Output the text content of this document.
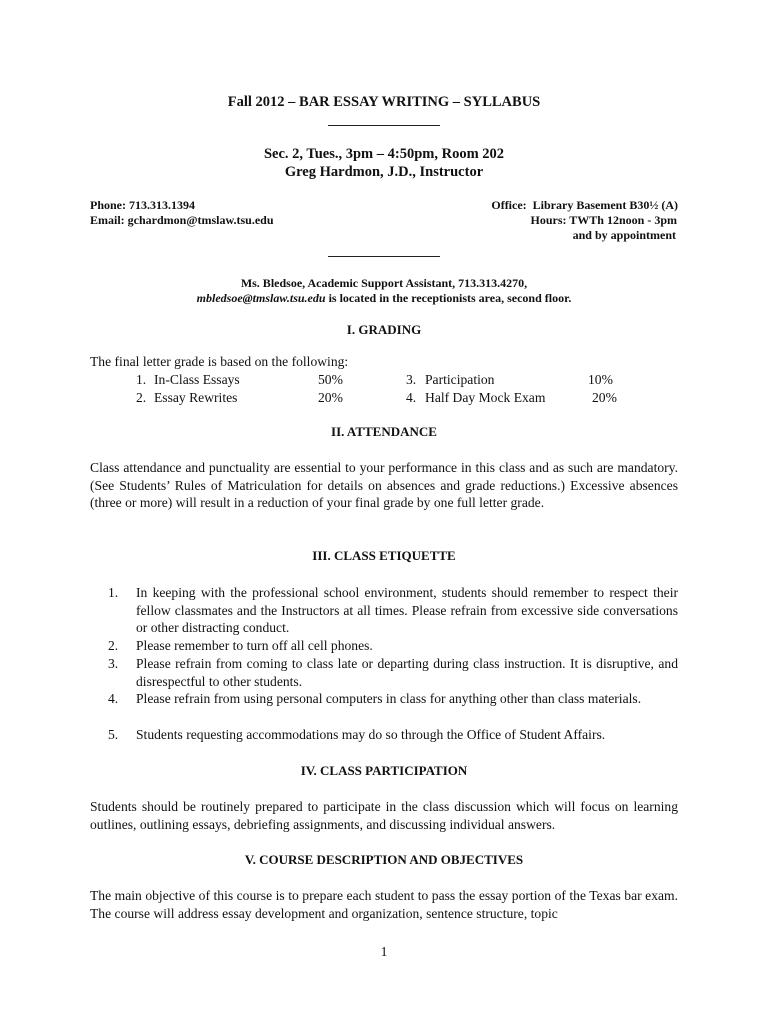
Fall 2012 – BAR ESSAY WRITING – SYLLABUS
Sec. 2, Tues., 3pm – 4:50pm, Room 202
Greg Hardmon, J.D., Instructor
Phone: 713.313.1394
Email: gchardmon@tmslaw.tsu.edu
Office:  Library Basement B30½ (A)
Hours: TWTh 12noon - 3pm
and by appointment
Ms. Bledsoe, Academic Support Assistant, 713.313.4270,
mbledsoe@tmslaw.tsu.edu is located in the receptionists area, second floor.
I. GRADING
The final letter grade is based on the following:
1. In-Class Essays	50%	3. Participation	10%
2. Essay Rewrites	20%	4. Half Day Mock Exam	20%
II. ATTENDANCE
Class attendance and punctuality are essential to your performance in this class and as such are mandatory. (See Students’ Rules of Matriculation for details on absences and grade reductions.) Excessive absences (three or more) will result in a reduction of your final grade by one full letter grade.
III. CLASS ETIQUETTE
1.	In keeping with the professional school environment, students should remember to respect their fellow classmates and the Instructors at all times. Please refrain from excessive side conversations or other distracting conduct.
2.	Please remember to turn off all cell phones.
3.	Please refrain from coming to class late or departing during class instruction. It is disruptive, and disrespectful to other students.
4.	Please refrain from using personal computers in class for anything other than class materials.
5.	Students requesting accommodations may do so through the Office of Student Affairs.
IV. CLASS PARTICIPATION
Students should be routinely prepared to participate in the class discussion which will focus on learning outlines, outlining essays, debriefing assignments, and discussing individual answers.
V. COURSE DESCRIPTION AND OBJECTIVES
The main objective of this course is to prepare each student to pass the essay portion of the Texas bar exam. The course will address essay development and organization, sentence structure, topic
1
